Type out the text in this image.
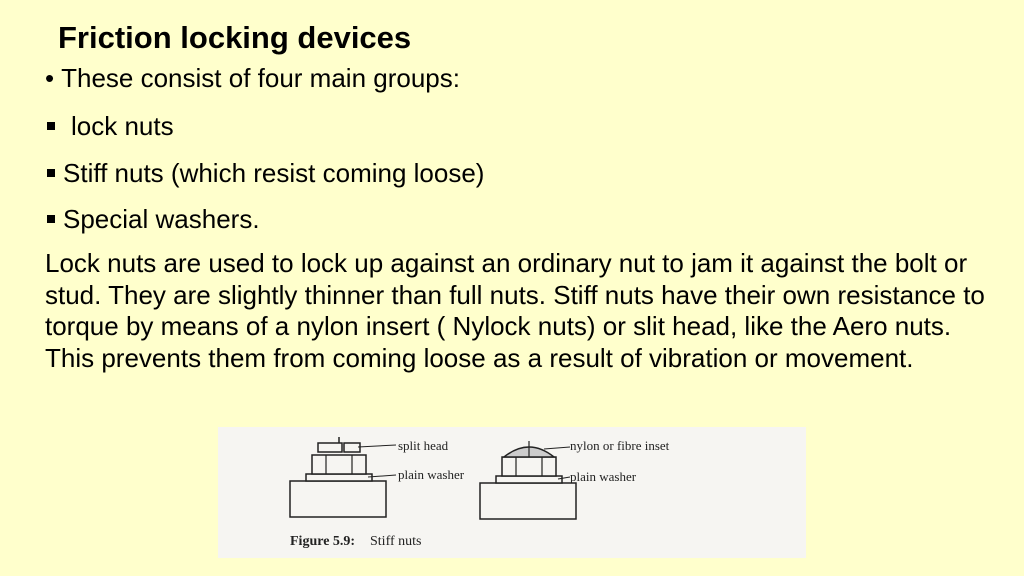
Friction locking devices
• These consist of four main groups:
lock nuts
Stiff nuts (which resist coming loose)
Special washers.
Lock nuts are used to lock up against an ordinary nut to jam it against the bolt or stud. They are slightly thinner than full nuts. Stiff nuts have their own resistance to torque by means of a nylon insert ( Nylock nuts) or slit head, like the Aero nuts. This prevents them from coming loose as a result of vibration or movement.
split head
plain washer
nylon or fibre inset
plain washer
Figure 5.9: Stiff nuts
